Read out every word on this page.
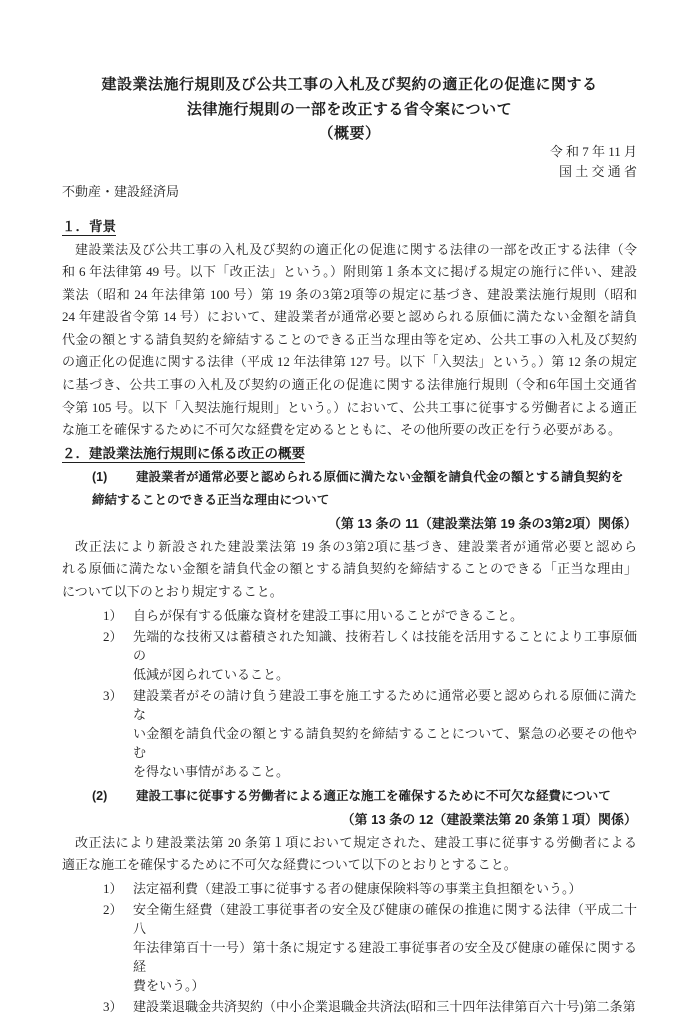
建設業法施行規則及び公共工事の入札及び契約の適正化の促進に関する
法律施行規則の一部を改正する省令案について
（概要）
令 和 7 年 11 月
国 土 交 通 省
不動産・建設経済局
１．背景
建設業法及び公共工事の入札及び契約の適正化の促進に関する法律の一部を改正する法律（令
和 6 年法律第 49 号。以下「改正法」という。）附則第１条本文に掲げる規定の施行に伴い、建設
業法（昭和 24 年法律第 100 号）第 19 条の3第2項等の規定に基づき、建設業法施行規則（昭和
24 年建設省令第 14 号）において、建設業者が通常必要と認められる原価に満たない金額を請負
代金の額とする請負契約を締結することのできる正当な理由等を定め、公共工事の入札及び契約
の適正化の促進に関する法律（平成 12 年法律第 127 号。以下「入契法」という。）第 12 条の規定
に基づき、公共工事の入札及び契約の適正化の促進に関する法律施行規則（令和6年国土交通省
令第 105 号。以下「入契法施行規則」という。）において、公共工事に従事する労働者による適正
な施工を確保するために不可欠な経費を定めるとともに、その他所要の改正を行う必要がある。
２．建設業法施行規則に係る改正の概要
(1) 建設業者が通常必要と認められる原価に満たない金額を請負代金の額とする請負契約を
締結することのできる正当な理由について
（第 13 条の 11（建設業法第 19 条の3第2項）関係）
改正法により新設された建設業法第 19 条の3第2項に基づき、建設業者が通常必要と認めら
れる原価に満たない金額を請負代金の額とする請負契約を締結することのできる「正当な理由」
について以下のとおり規定すること。
1） 自らが保有する低廉な資材を建設工事に用いることができること。
2） 先端的な技術又は蓄積された知識、技術若しくは技能を活用することにより工事原価の
低減が図られていること。
3） 建設業者がその請け負う建設工事を施工するために通常必要と認められる原価に満たな
い金額を請負代金の額とする請負契約を締結することについて、緊急の必要その他やむ
を得ない事情があること。
(2) 建設工事に従事する労働者による適正な施工を確保するために不可欠な経費について
（第 13 条の 12（建設業法第 20 条第１項）関係）
改正法により建設業法第 20 条第１項において規定された、建設工事に従事する労働者による
適正な施工を確保するために不可欠な経費について以下のとおりとすること。
1） 法定福利費（建設工事に従事する者の健康保険料等の事業主負担額をいう。）
2） 安全衛生経費（建設工事従事者の安全及び健康の確保の推進に関する法律（平成二十八
年法律第百十一号）第十条に規定する建設工事従事者の安全及び健康の確保に関する経
費をいう。）
3） 建設業退職金共済契約（中小企業退職金共済法(昭和三十四年法律第百六十号)第二条第
